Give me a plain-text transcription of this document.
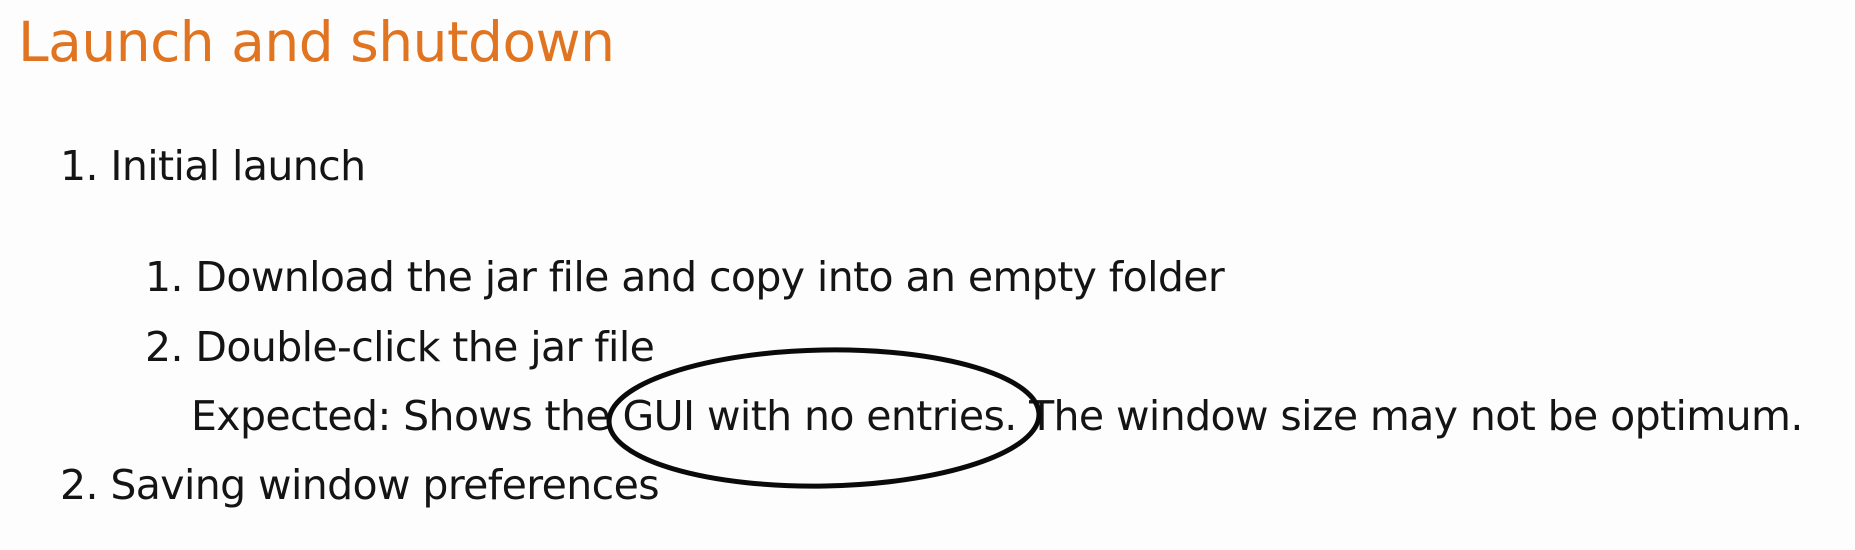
Launch and shutdown
1. Initial launch
1. Download the jar file and copy into an empty folder
2. Double-click the jar file
Expected: Shows the GUI with no entries. The window size may not be optimum.
2. Saving window preferences
